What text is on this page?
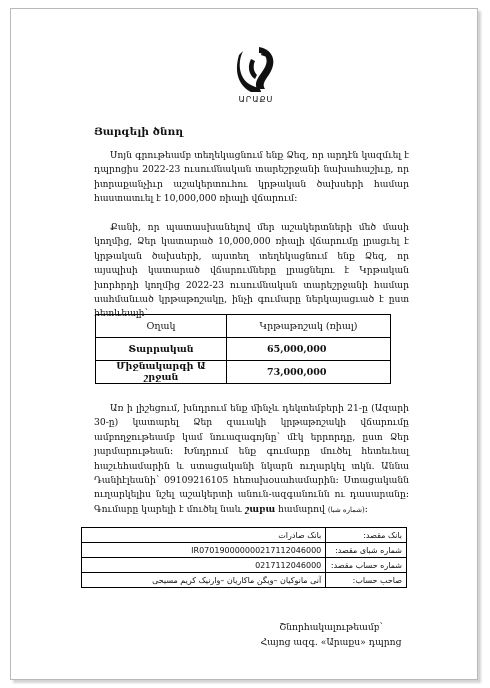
ԱՐԱՔՍ
Յարգելի ծնող

Սոյն գրութեամբ տեղեկացնում ենք Ձեզ, որ արդէն կազմւել է դպրոցիս 2022-23 ուսումնական տարեշրջանի նախահաշիւը, որ իտրաքանչիւր աշակերտուհու կրթական ծախսերի համար հաստատւել է 10,000,000 ռիալի վճարում։

Քանի, որ պատասխանելով մեր աշակերտների մեծ մասի կողմից, Ձեր կատարած 10,000,000 ռիալի վճարումը լրացւել է կրթական ծախսերի, այստեղ տեղեկացնում ենք Ձեզ, որ այսպիսի կատարած վճարումները լրացնելու է Կրթական խորհրդի կողմից 2022-23 ուսումնական տարեշրջանի համար սահմանւած կրթաթոշակը, ինչի գումարը ներկայացւած է ըստ հետևեալի՝

Օղակ	Կրթաթոշակ (ռիալ)
Տարրական	65,000,000
Միջնակարգի Ա շրջան	73,000,000

Առ ի լիշեցում, խնդրում ենք մինչև դեկտեմբերի 21-ը (Ազարի 30-ը) կատարել Ձեր զաւակի կրթաթոշակի վճարումը ամբողջութեամբ կամ նուազագոյնը՝ մէկ երրորդը, ըստ Ձեր յարմարութեան։ Խնդրում ենք գումարը մուծել հետեւեալ հաշւեհամարին և ստացականի նկարն ուղարկել տկն. Աննա Դանիէլեանի՝ 09109216105 հեռախօսահամարին։ Ստացականն ուղարկելիս նշել աշակերտի անուն-ազգանունն ու դասարանը։ Գումարը կարելի է մուծել նաև շաբա համարով (شماره شبا)։

بانک صادرات	بانک مقصد:
IR070190000000217112046000	شماره شبای مقصد:
0217112046000	شماره حساب مقصد:
آنی مانوکیان –ویگن ماکاریان –وارنیک کریم مسیحی	صاحب حساب:
Շնորհակալութեամբ՝
Հայոց ազգ. «Արաքս» դպրոց
